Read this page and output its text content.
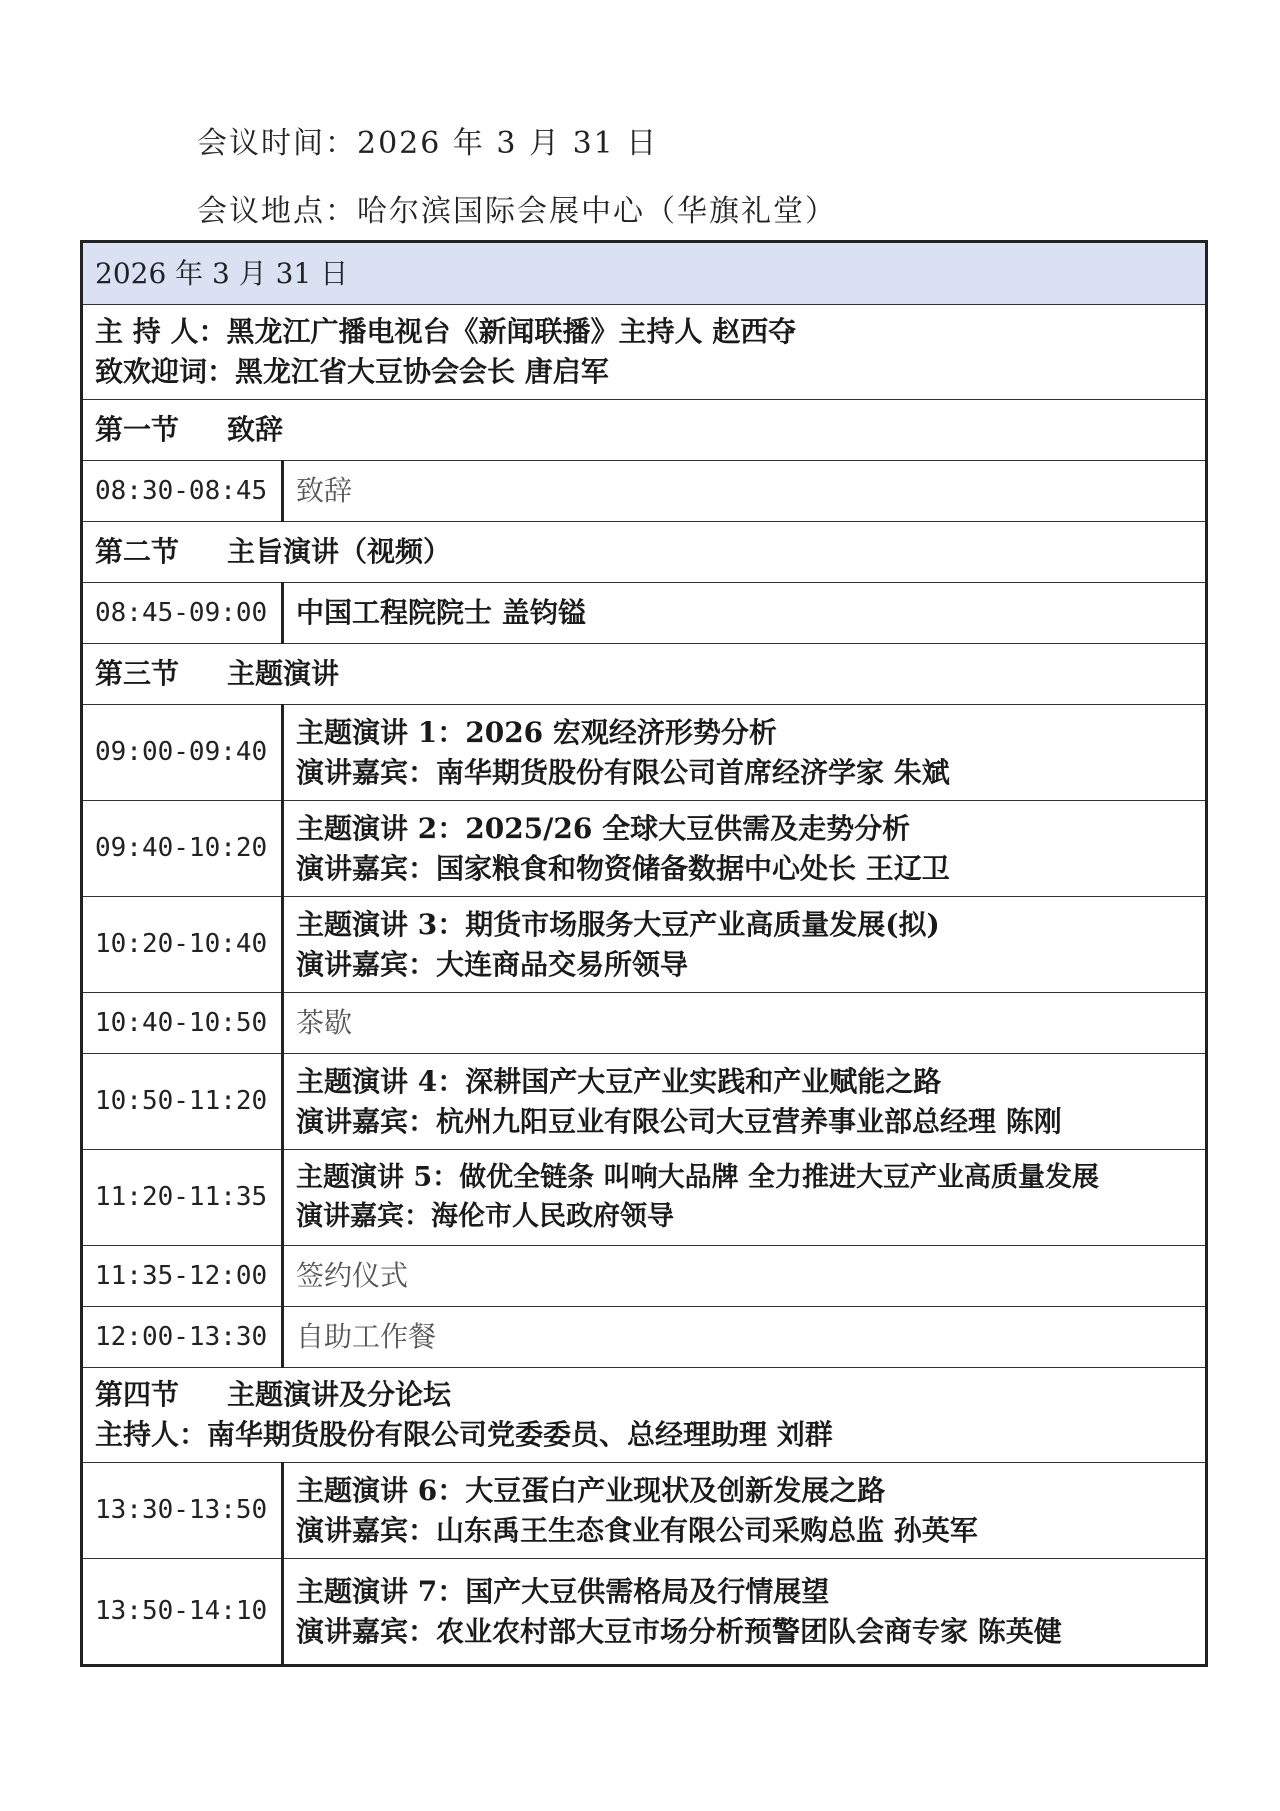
会议时间：2026 年 3 月 31 日
会议地点：哈尔滨国际会展中心（华旗礼堂）
2026 年 3 月 31 日	

主 持 人：黑龙江广播电视台《新闻联播》主持人 赵西夺
致欢迎词：黑龙江省大豆协会会长 唐启军	

第一节 致辞	
08:30-08:45	致辞
第二节 主旨演讲（视频）	
08:45-09:00	中国工程院院士 盖钧镒
第三节 主题演讲	
09:00-09:40	主题演讲 1：2026 宏观经济形势分析
演讲嘉宾：南华期货股份有限公司首席经济学家 朱斌

09:40-10:20	主题演讲 2：2025/26 全球大豆供需及走势分析
演讲嘉宾：国家粮食和物资储备数据中心处长 王辽卫

10:20-10:40	主题演讲 3：期货市场服务大豆产业高质量发展(拟)
演讲嘉宾：大连商品交易所领导

10:40-10:50	茶歇
10:50-11:20	主题演讲 4：深耕国产大豆产业实践和产业赋能之路
演讲嘉宾：杭州九阳豆业有限公司大豆营养事业部总经理 陈刚

11:20-11:35	主题演讲 5：做优全链条 叫响大品牌 全力推进大豆产业高质量发展
演讲嘉宾：海伦市人民政府领导

11:35-12:00	签约仪式
12:00-13:30	自助工作餐

第四节 主题演讲及分论坛
主持人：南华期货股份有限公司党委委员、总经理助理 刘群	

13:30-13:50	主题演讲 6：大豆蛋白产业现状及创新发展之路
演讲嘉宾：山东禹王生态食业有限公司采购总监 孙英军

13:50-14:10	主题演讲 7：国产大豆供需格局及行情展望
演讲嘉宾：农业农村部大豆市场分析预警团队会商专家 陈英健
